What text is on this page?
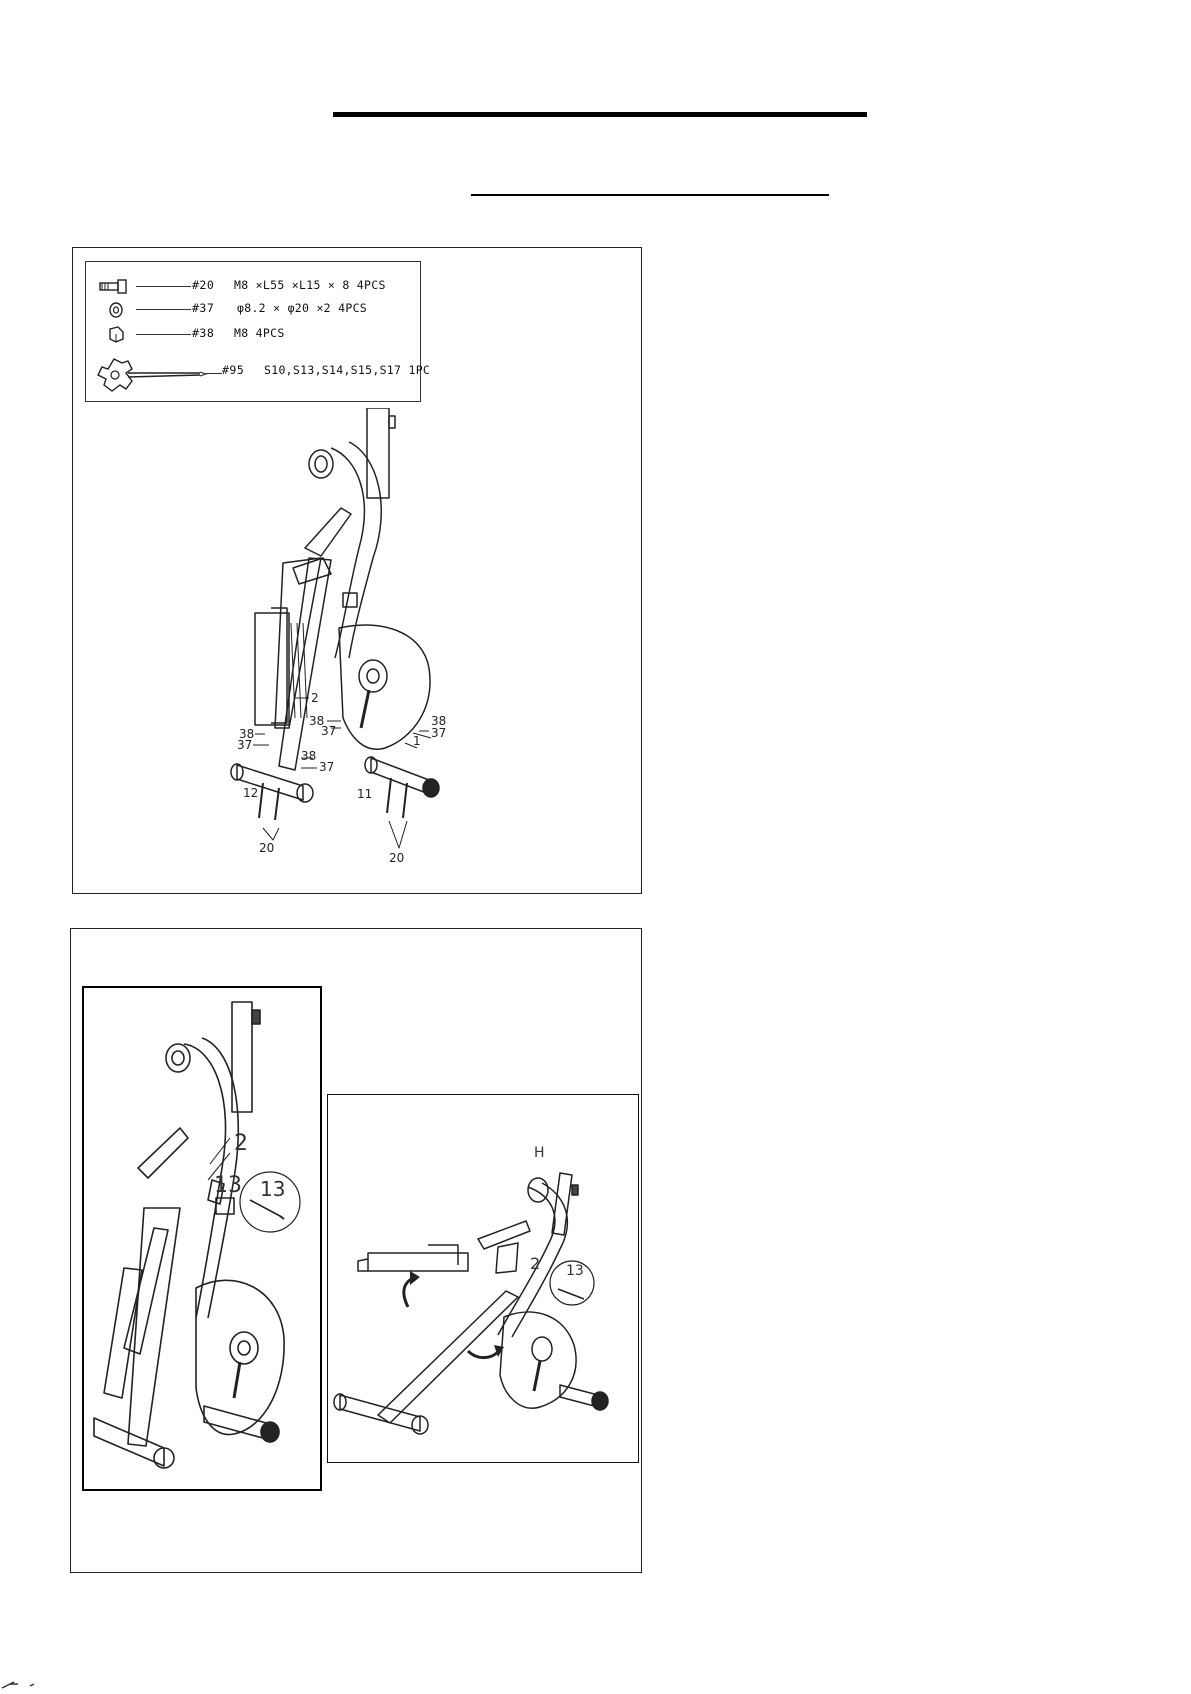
#20 M8 ×L55 ×L15 × 8 4PCS
#37 φ8.2 × φ20 ×2 4PCS
#38 M8 4PCS
#95 S10,S13,S14,S15,S17 1PC
2
1
12	11
20
20
38
38
38
38
37
37
37
37
2
13 13
H
2 13
